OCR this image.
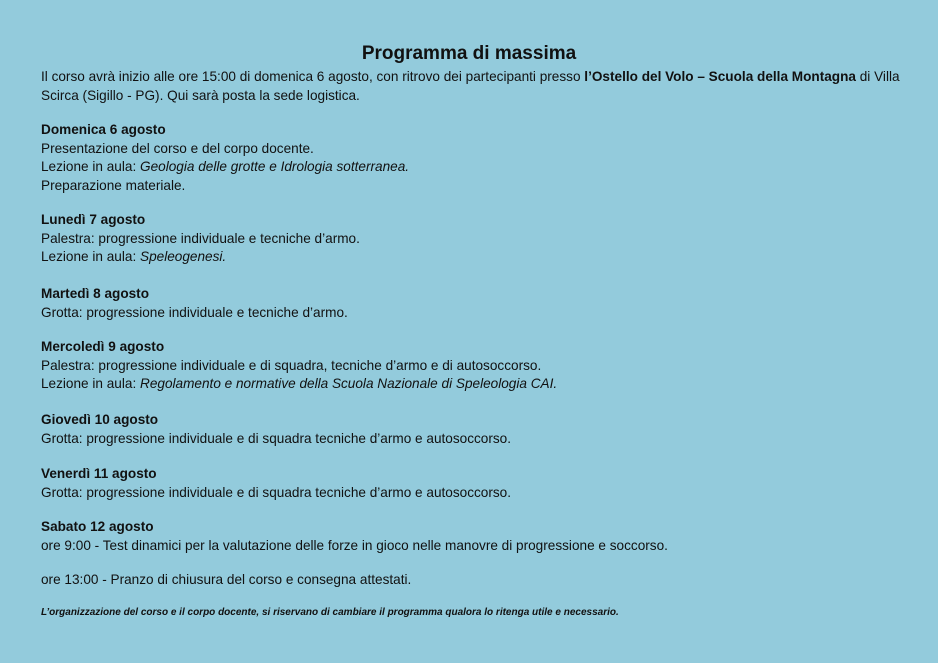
Programma di massima
Il corso avrà inizio alle ore 15:00 di domenica 6 agosto, con ritrovo dei partecipanti presso l’Ostello del Volo – Scuola della Montagna di Villa Scirca (Sigillo - PG). Qui sarà posta la sede logistica.
Domenica 6 agosto
Presentazione del corso e del corpo docente.
Lezione in aula: Geologia delle grotte e Idrologia sotterranea.
Preparazione materiale.
Lunedì 7 agosto
Palestra: progressione individuale e tecniche d’armo.
Lezione in aula: Speleogenesi.
Martedì 8 agosto
Grotta: progressione individuale e tecniche d’armo.
Mercoledì 9 agosto
Palestra: progressione individuale e di squadra, tecniche d’armo e di autosoccorso.
Lezione in aula: Regolamento e normative della Scuola Nazionale di Speleologia CAI.
Giovedì 10 agosto
Grotta: progressione individuale e di squadra tecniche d’armo e autosoccorso.
Venerdì 11 agosto
Grotta: progressione individuale e di squadra tecniche d’armo e autosoccorso.
Sabato 12 agosto
ore 9:00 - Test dinamici per la valutazione delle forze in gioco nelle manovre di progressione e soccorso.
ore 13:00 - Pranzo di chiusura del corso e consegna attestati.
L’organizzazione del corso e il corpo docente, si riservano di cambiare il programma qualora lo ritenga utile e necessario.
